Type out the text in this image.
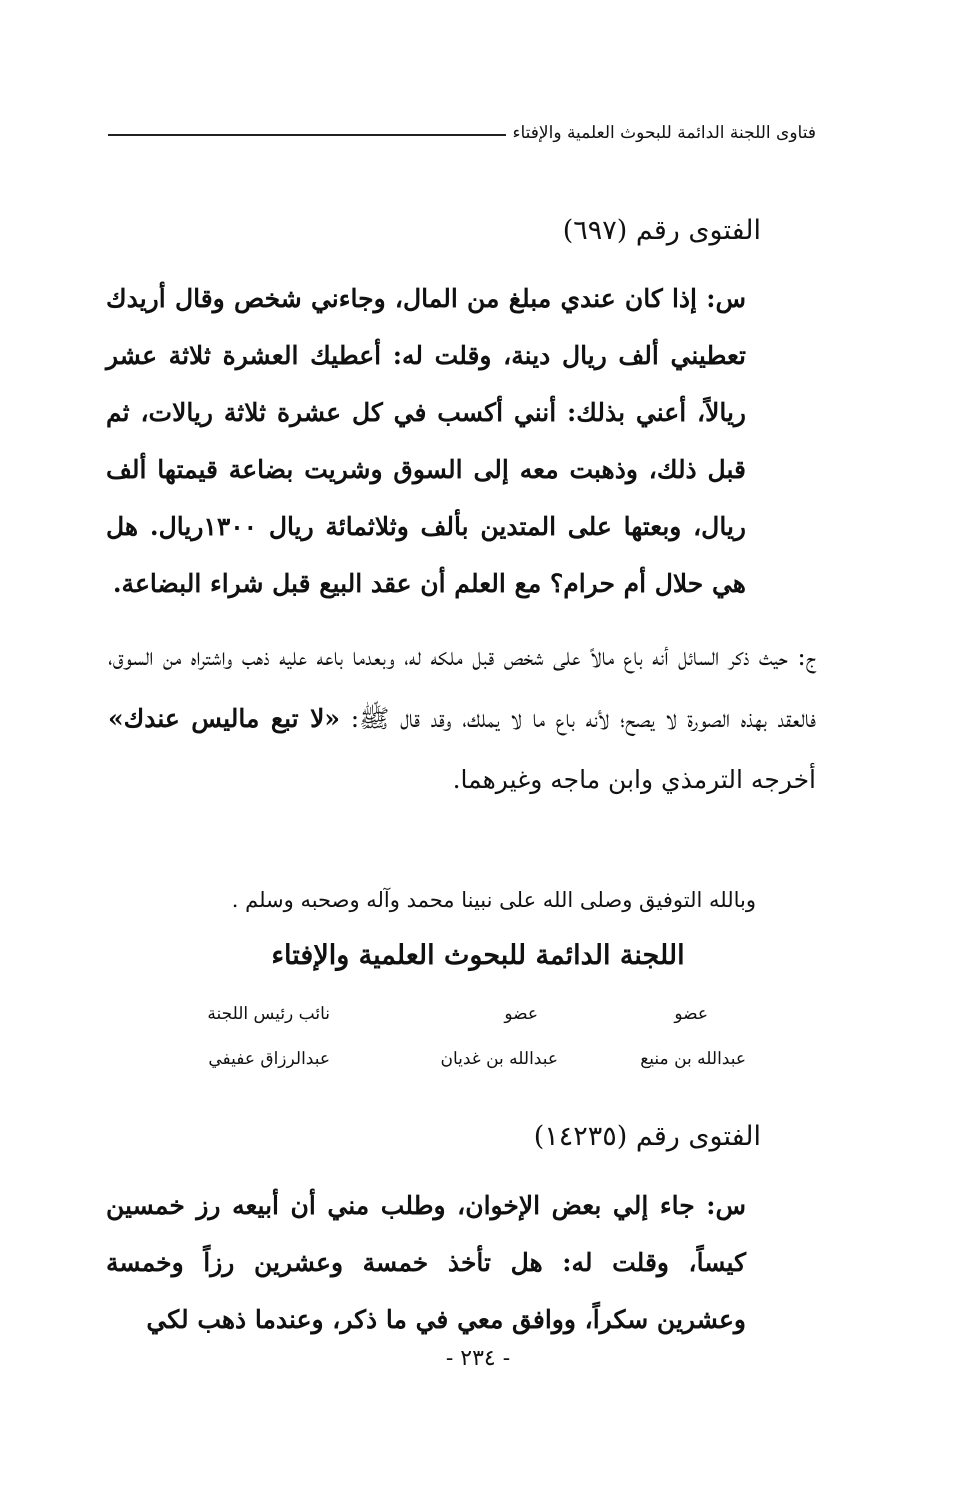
فتاوى اللجنة الدائمة للبحوث العلمية والإفتاء
الفتوى رقم (٦٩٧)

س: إذا كان عندي مبلغ من المال، وجاءني شخص وقال أريدك تعطيني ألف ريال دينة، وقلت له: أعطيك العشرة ثلاثة عشر ريالاً، أعني بذلك: أنني أكسب في كل عشرة ثلاثة ريالات، ثم قبل ذلك، وذهبت معه إلى السوق وشريت بضاعة قيمتها ألف ريال، وبعتها على المتدين بألف وثلاثمائة ريال ١٣٠٠ريال. هل هي حلال أم حرام؟ مع العلم أن عقد البيع قبل شراء البضاعة.

ج: حيث ذكر السائل أنه باع مالاً على شخص قبل ملكه له، وبعدما باعه عليه ذهب واشتراه من السوق، فالعقد بهذه الصورة لا يصح؛ لأنه باع ما لا يملك، وقد قال ﷺ: «لا تبع ماليس عندك» أخرجه الترمذي وابن ماجه وغيرهما.

وبالله التوفيق وصلى الله على نبينا محمد وآله وصحبه وسلم .
اللجنة الدائمة للبحوث العلمية والإفتاء
عضو
عضو
نائب رئيس اللجنة
عبدالله بن منيع
عبدالله بن غديان
عبدالرزاق عفيفي
الفتوى رقم (١٤٢٣٥)

س: جاء إلي بعض الإخوان، وطلب مني أن أبيعه رز خمسين كيساً، وقلت له: هل تأخذ خمسة وعشرين رزاً وخمسة وعشرين سكراً، ووافق معي في ما ذكر، وعندما ذهب لكي

- ٢٣٤ -
